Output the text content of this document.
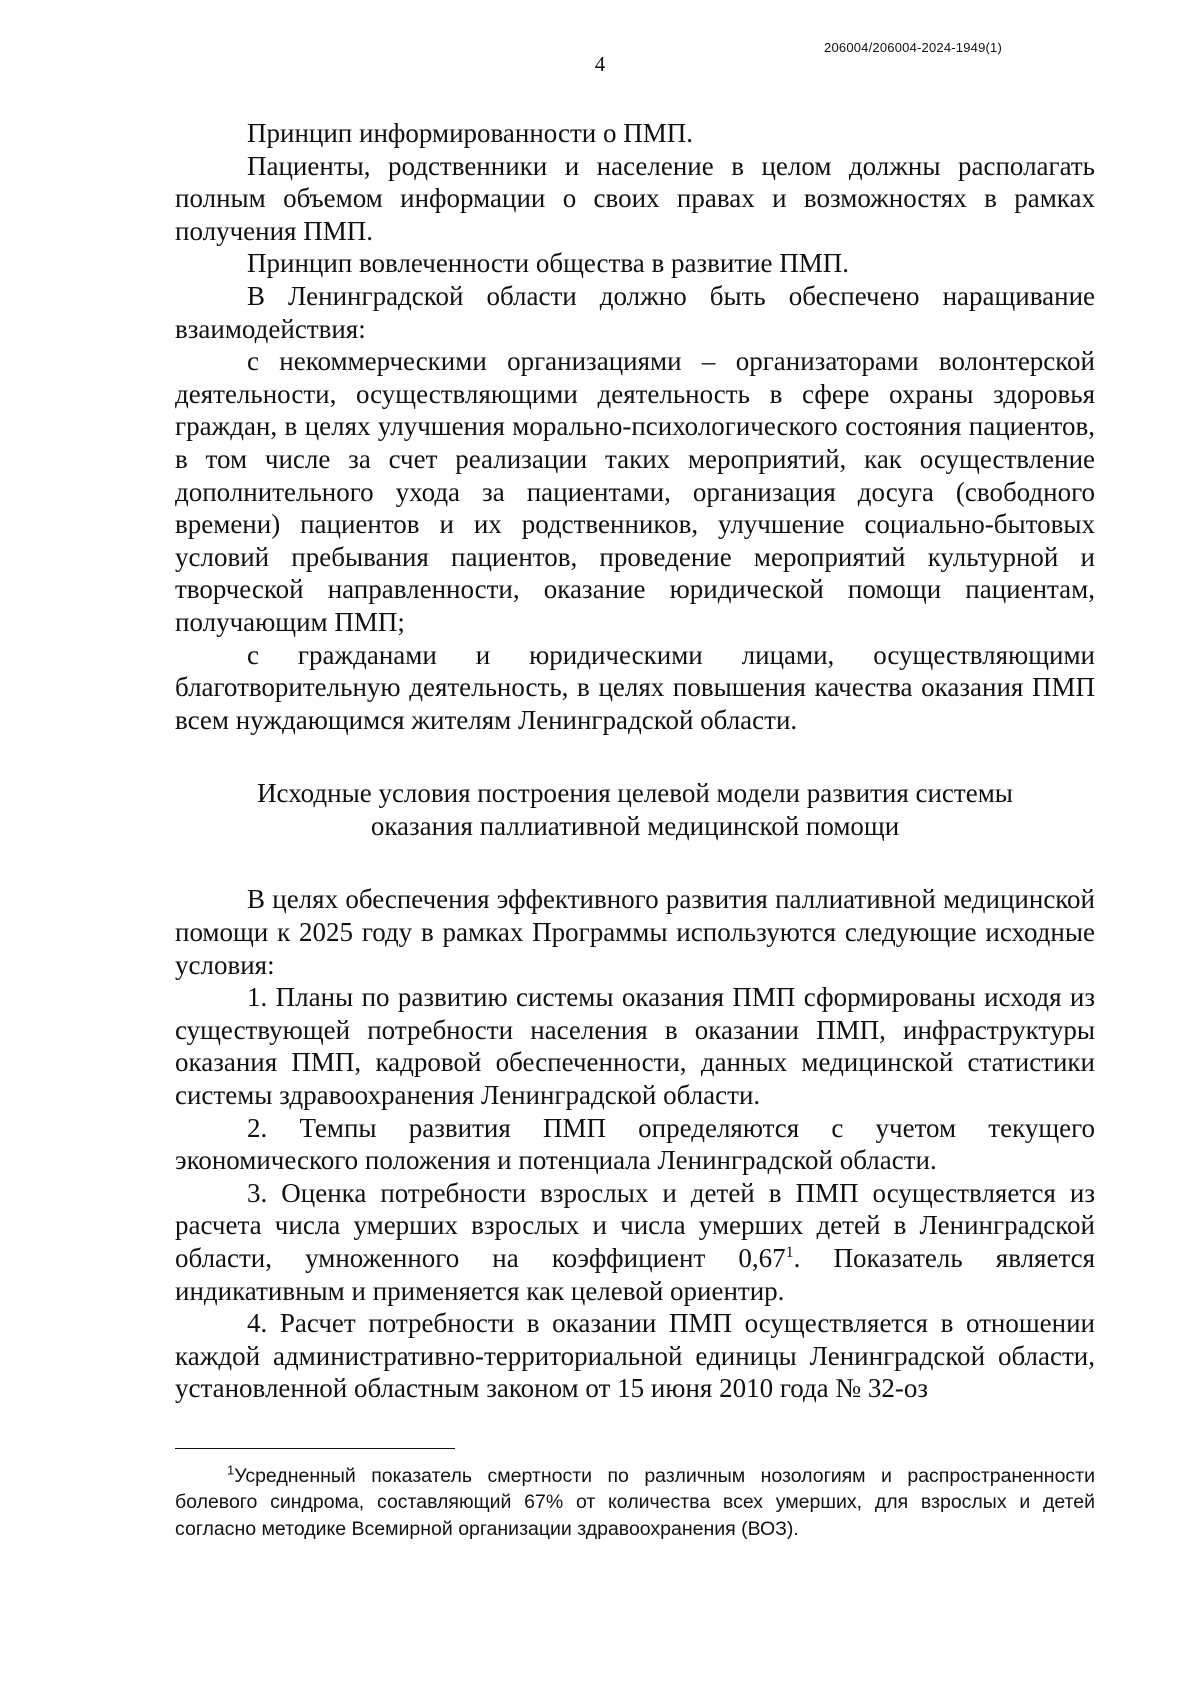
206004/206004-2024-1949(1)
4

Принцип информированности о ПМП.

Пациенты, родственники и население в целом должны располагать полным объемом информации о своих правах и возможностях в рамках получения ПМП.

Принцип вовлеченности общества в развитие ПМП.

В Ленинградской области должно быть обеспечено наращивание взаимодействия:

с некоммерческими организациями – организаторами волонтерской деятельности, осуществляющими деятельность в сфере охраны здоровья граждан, в целях улучшения морально-психологического состояния пациентов, в том числе за счет реализации таких мероприятий, как осуществление дополнительного ухода за пациентами, организация досуга (свободного времени) пациентов и их родственников, улучшение социально-бытовых условий пребывания пациентов, проведение мероприятий культурной и творческой направленности, оказание юридической помощи пациентам, получающим ПМП;

с гражданами и юридическими лицами, осуществляющими благотворительную деятельность, в целях повышения качества оказания ПМП всем нуждающимся жителям Ленинградской области.

Исходные условия построения целевой модели развития системы
оказания паллиативной медицинской помощи

В целях обеспечения эффективного развития паллиативной медицинской помощи к 2025 году в рамках Программы используются следующие исходные условия:

1. Планы по развитию системы оказания ПМП сформированы исходя из существующей потребности населения в оказании ПМП, инфраструктуры оказания ПМП, кадровой обеспеченности, данных медицинской статистики системы здравоохранения Ленинградской области.

2. Темпы развития ПМП определяются с учетом текущего экономического положения и потенциала Ленинградской области.

3. Оценка потребности взрослых и детей в ПМП осуществляется из расчета числа умерших взрослых и числа умерших детей в Ленинградской области, умноженного на коэффициент 0,67$^1$. Показатель является индикативным и применяется как целевой ориентир.

4. Расчет потребности в оказании ПМП осуществляется в отношении каждой административно-территориальной единицы Ленинградской области, установленной областным законом от 15 июня 2010 года № 32-оз

$^1$Усредненный показатель смертности по различным нозологиям и распространенности болевого синдрома, составляющий 67% от количества всех умерших, для взрослых и детей согласно методике Всемирной организации здравоохранения (ВОЗ).
